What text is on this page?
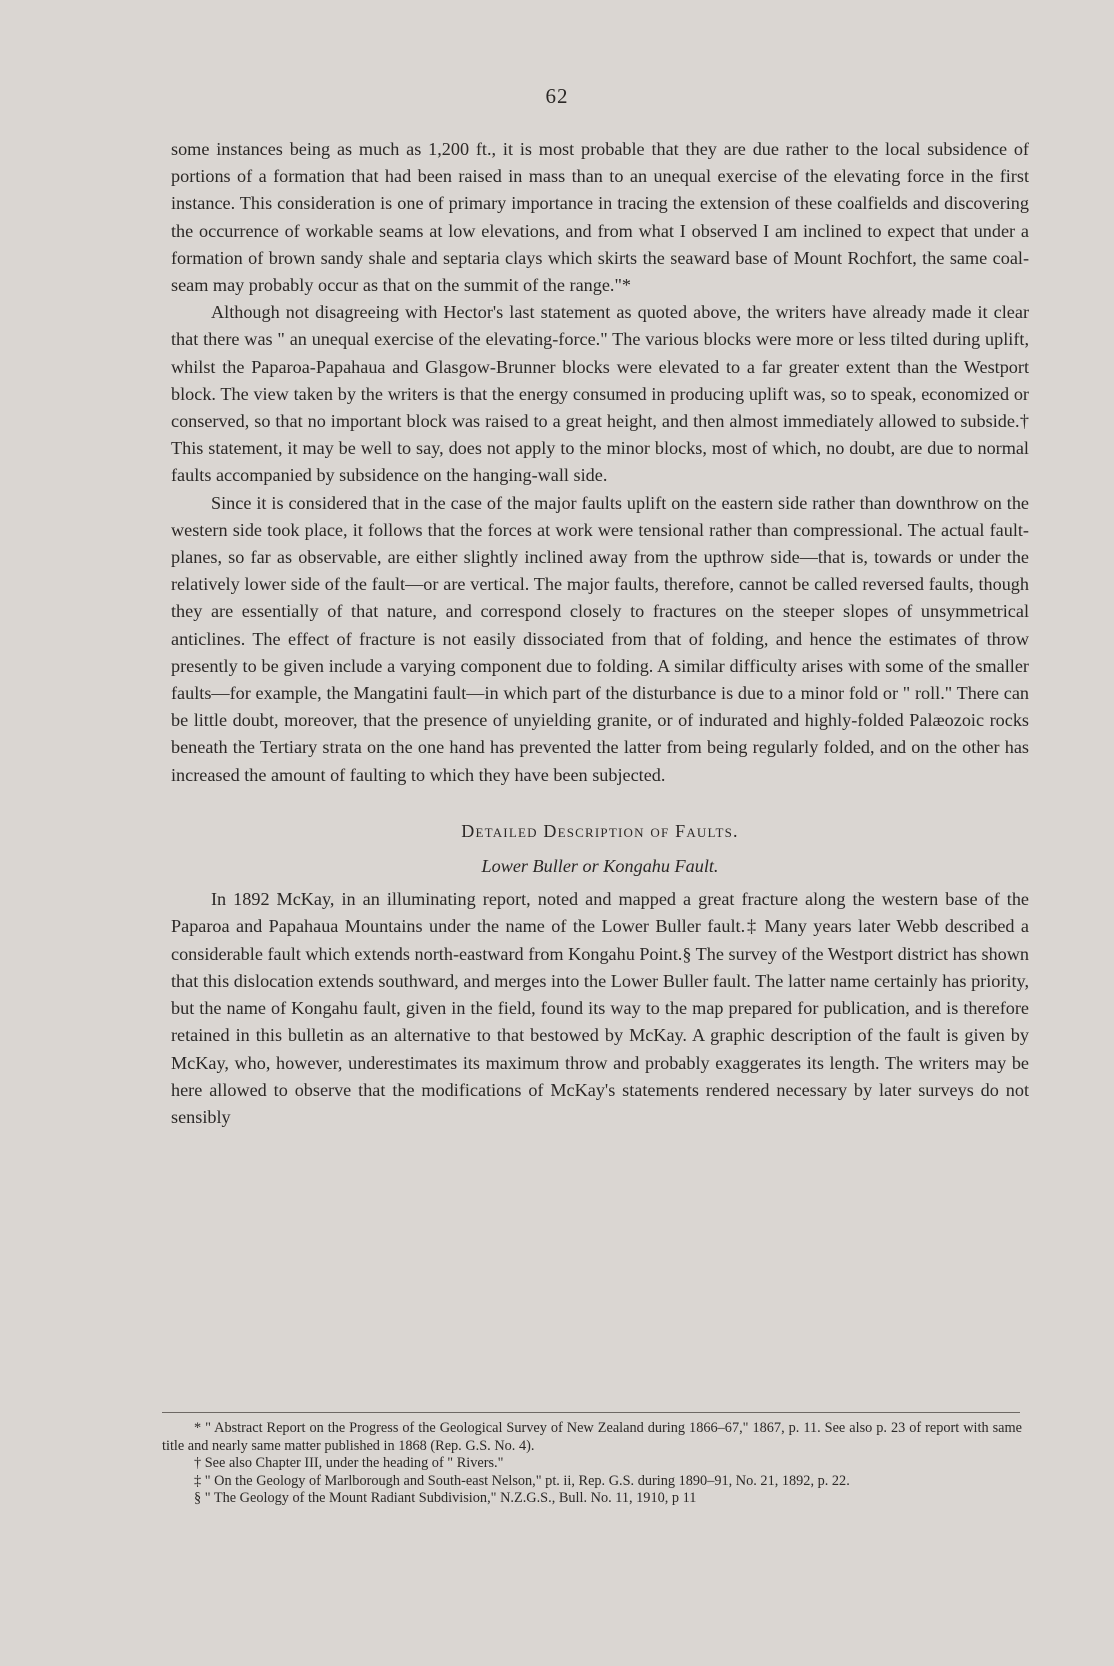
62

some instances being as much as 1,200 ft., it is most probable that they are due rather to the local subsidence of portions of a formation that had been raised in mass than to an unequal exercise of the elevating force in the first instance. This consideration is one of primary importance in tracing the extension of these coalfields and discovering the occurrence of workable seams at low elevations, and from what I observed I am inclined to expect that under a formation of brown sandy shale and septaria clays which skirts the seaward base of Mount Rochfort, the same coal-seam may probably occur as that on the summit of the range."*

Although not disagreeing with Hector's last statement as quoted above, the writers have already made it clear that there was " an unequal exercise of the elevating-force." The various blocks were more or less tilted during uplift, whilst the Paparoa-Papahaua and Glasgow-Brunner blocks were elevated to a far greater extent than the Westport block. The view taken by the writers is that the energy consumed in producing uplift was, so to speak, economized or conserved, so that no important block was raised to a great height, and then almost immediately allowed to subside.† This statement, it may be well to say, does not apply to the minor blocks, most of which, no doubt, are due to normal faults accompanied by subsidence on the hanging-wall side.

Since it is considered that in the case of the major faults uplift on the eastern side rather than downthrow on the western side took place, it follows that the forces at work were tensional rather than compressional. The actual fault-planes, so far as observable, are either slightly inclined away from the upthrow side—that is, towards or under the relatively lower side of the fault—or are vertical. The major faults, therefore, cannot be called reversed faults, though they are essentially of that nature, and correspond closely to fractures on the steeper slopes of unsymmetrical anticlines. The effect of fracture is not easily dissociated from that of folding, and hence the estimates of throw presently to be given include a varying component due to folding. A similar difficulty arises with some of the smaller faults—for example, the Mangatini fault—in which part of the disturbance is due to a minor fold or " roll." There can be little doubt, moreover, that the presence of unyielding granite, or of indurated and highly-folded Palæozoic rocks beneath the Tertiary strata on the one hand has prevented the latter from being regularly folded, and on the other has increased the amount of faulting to which they have been subjected.

Detailed Description of Faults.

Lower Buller or Kongahu Fault.

In 1892 McKay, in an illuminating report, noted and mapped a great fracture along the western base of the Paparoa and Papahaua Mountains under the name of the Lower Buller fault.‡ Many years later Webb described a considerable fault which extends north-eastward from Kongahu Point.§ The survey of the Westport district has shown that this dislocation extends southward, and merges into the Lower Buller fault. The latter name certainly has priority, but the name of Kongahu fault, given in the field, found its way to the map prepared for publication, and is therefore retained in this bulletin as an alternative to that bestowed by McKay. A graphic description of the fault is given by McKay, who, however, underestimates its maximum throw and probably exaggerates its length. The writers may be here allowed to observe that the modifications of McKay's statements rendered necessary by later surveys do not sensibly

* " Abstract Report on the Progress of the Geological Survey of New Zealand during 1866–67," 1867, p. 11. See also p. 23 of report with same title and nearly same matter published in 1868 (Rep. G.S. No. 4).

† See also Chapter III, under the heading of " Rivers."

‡ " On the Geology of Marlborough and South-east Nelson," pt. ii, Rep. G.S. during 1890–91, No. 21, 1892, p. 22.

§ " The Geology of the Mount Radiant Subdivision," N.Z.G.S., Bull. No. 11, 1910, p 11
